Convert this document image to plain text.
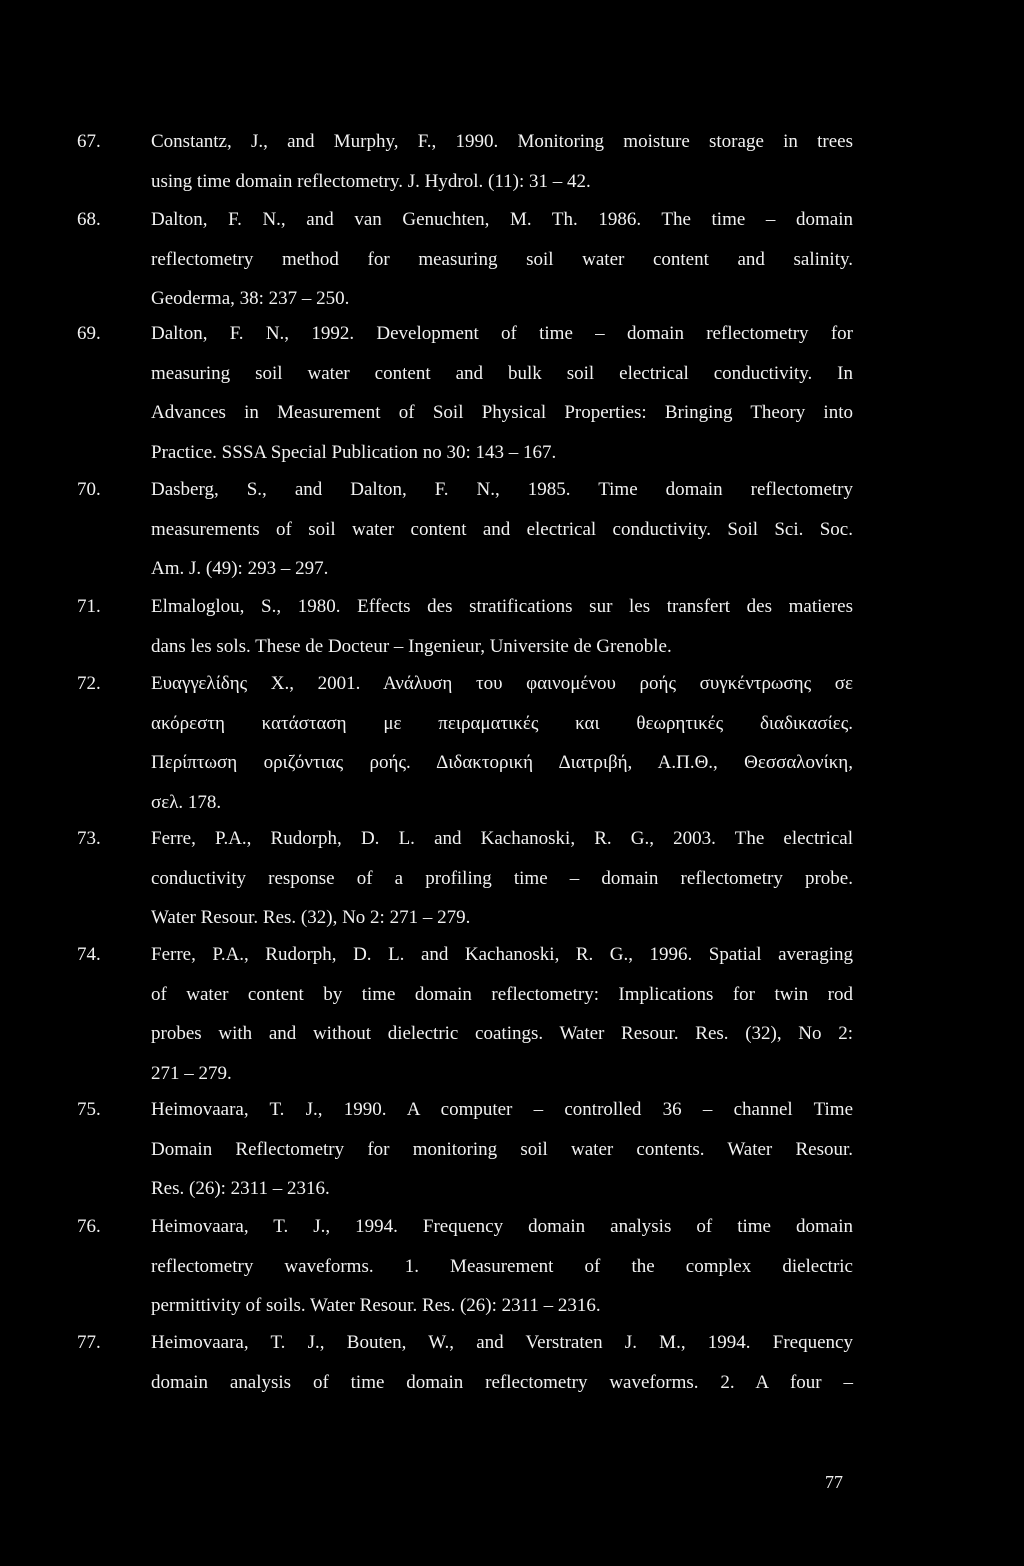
67.	Constantz, J., and Murphy, F., 1990. Monitoring moisture storage in trees
using time domain reflectometry. J. Hydrol. (11): 31 – 42.

68.	Dalton, F. N., and van Genuchten, M. Th. 1986. The time – domain
reflectometry method for measuring soil water content and salinity.
Geoderma, 38: 237 – 250.

69.	Dalton, F. N., 1992. Development of time – domain reflectometry for
measuring soil water content and bulk soil electrical conductivity. In
Advances in Measurement of Soil Physical Properties: Bringing Theory into
Practice. SSSA Special Publication no 30: 143 – 167.

70.	Dasberg, S., and Dalton, F. N., 1985. Time domain reflectometry
measurements of soil water content and electrical conductivity. Soil Sci. Soc.
Am. J. (49): 293 – 297.

71.	Elmaloglou, S., 1980. Effects des stratifications sur les transfert des matieres
dans les sols. These de Docteur – Ingenieur, Universite de Grenoble.

72.	Ευαγγελίδης Χ., 2001. Ανάλυση του φαινομένου ροής συγκέντρωσης σε
ακόρεστη κατάσταση με πειραματικές και θεωρητικές διαδικασίες.
Περίπτωση οριζόντιας ροής. Διδακτορική Διατριβή, Α.Π.Θ., Θεσσαλονίκη,
σελ. 178.

73.	Ferre, P.A., Rudorph, D. L. and Kachanoski, R. G., 2003. The electrical
conductivity response of a profiling time – domain reflectometry probe.
Water Resour. Res. (32), No 2: 271 – 279.

74.	Ferre, P.A., Rudorph, D. L. and Kachanoski, R. G., 1996. Spatial averaging
of water content by time domain reflectometry: Implications for twin rod
probes with and without dielectric coatings. Water Resour. Res. (32), No 2:
271 – 279.

75.	Heimovaara, T. J., 1990. A computer – controlled 36 – channel Time
Domain Reflectometry for monitoring soil water contents. Water Resour.
Res. (26): 2311 – 2316.

76.	Heimovaara, T. J., 1994. Frequency domain analysis of time domain
reflectometry waveforms. 1. Measurement of the complex dielectric
permittivity of soils. Water Resour. Res. (26): 2311 – 2316.

77.	Heimovaara, T. J., Bouten, W., and Verstraten J. M., 1994. Frequency
domain analysis of time domain reflectometry waveforms. 2. A four –

77
